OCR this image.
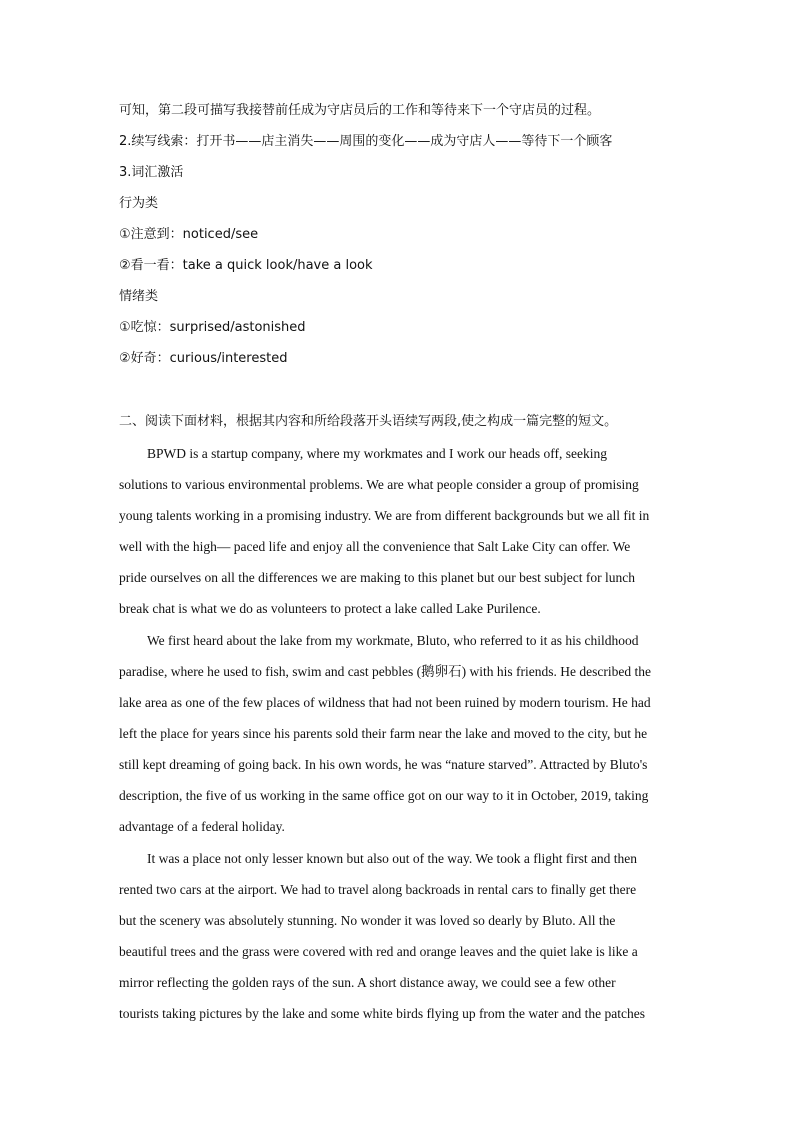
可知，第二段可描写我接替前任成为守店员后的工作和等待来下一个守店员的过程。
2.续写线索：打开书——店主消失——周围的变化——成为守店人——等待下一个顾客
3.词汇激活
行为类
①注意到：noticed/see
②看一看：take a quick look/have a look
情绪类
①吃惊：surprised/astonished
②好奇：curious/interested
二、阅读下面材料，根据其内容和所给段落开头语续写两段,使之构成一篇完整的短文。
BPWD is a startup company, where my workmates and I work our heads off, seeking
solutions to various environmental problems. We are what people consider a group of promising
young talents working in a promising industry. We are from different backgrounds but we all fit in
well with the high— paced life and enjoy all the convenience that Salt Lake City can offer. We
pride ourselves on all the differences we are making to this planet but our best subject for lunch
break chat is what we do as volunteers to protect a lake called Lake Purilence.
We first heard about the lake from my workmate, Bluto, who referred to it as his childhood
paradise, where he used to fish, swim and cast pebbles (鹅卵石) with his friends. He described the
lake area as one of the few places of wildness that had not been ruined by modern tourism. He had
left the place for years since his parents sold their farm near the lake and moved to the city, but he
still kept dreaming of going back. In his own words, he was “nature starved”. Attracted by Bluto's
description, the five of us working in the same office got on our way to it in October, 2019, taking
advantage of a federal holiday.
It was a place not only lesser known but also out of the way. We took a flight first and then
rented two cars at the airport. We had to travel along backroads in rental cars to finally get there
but the scenery was absolutely stunning. No wonder it was loved so dearly by Bluto. All the
beautiful trees and the grass were covered with red and orange leaves and the quiet lake is like a
mirror reflecting the golden rays of the sun. A short distance away, we could see a few other
tourists taking pictures by the lake and some white birds flying up from the water and the patches
